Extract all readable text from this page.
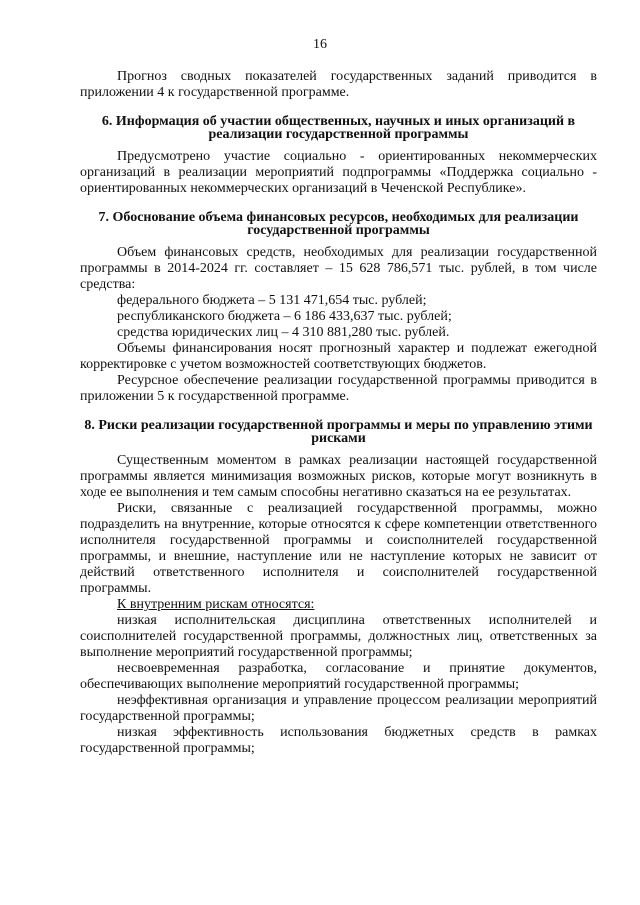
16

Прогноз сводных показателей государственных заданий приводится в приложении 4 к государственной программе.

6. Информация об участии общественных, научных и иных организаций в реализации государственной программы

Предусмотрено участие социально - ориентированных некоммерческих организаций в реализации мероприятий подпрограммы «Поддержка социально - ориентированных некоммерческих организаций в Чеченской Республике».

7. Обоснование объема финансовых ресурсов, необходимых для реализации государственной программы

Объем финансовых средств, необходимых для реализации государственной программы в 2014-2024 гг. составляет – 15 628 786,571 тыс. рублей, в том числе средства:

федерального бюджета – 5 131 471,654 тыс. рублей;

республиканского бюджета – 6 186 433,637 тыс. рублей;

средства юридических лиц – 4 310 881,280 тыс. рублей.

Объемы финансирования носят прогнозный характер и подлежат ежегодной корректировке с учетом возможностей соответствующих бюджетов.

Ресурсное обеспечение реализации государственной программы приводится в приложении 5 к государственной программе.

8. Риски реализации государственной программы и меры по управлению этими рисками

Существенным моментом в рамках реализации настоящей государственной программы является минимизация возможных рисков, которые могут возникнуть в ходе ее выполнения и тем самым способны негативно сказаться на ее результатах.

Риски, связанные с реализацией государственной программы, можно подразделить на внутренние, которые относятся к сфере компетенции ответственного исполнителя государственной программы и соисполнителей государственной программы, и внешние, наступление или не наступление которых не зависит от действий ответственного исполнителя и соисполнителей государственной программы.

К внутренним рискам относятся:

низкая исполнительская дисциплина ответственных исполнителей и соисполнителей государственной программы, должностных лиц, ответственных за выполнение мероприятий государственной программы;

несвоевременная разработка, согласование и принятие документов, обеспечивающих выполнение мероприятий государственной программы;

неэффективная организация и управление процессом реализации мероприятий государственной программы;

низкая эффективность использования бюджетных средств в рамках государственной программы;
